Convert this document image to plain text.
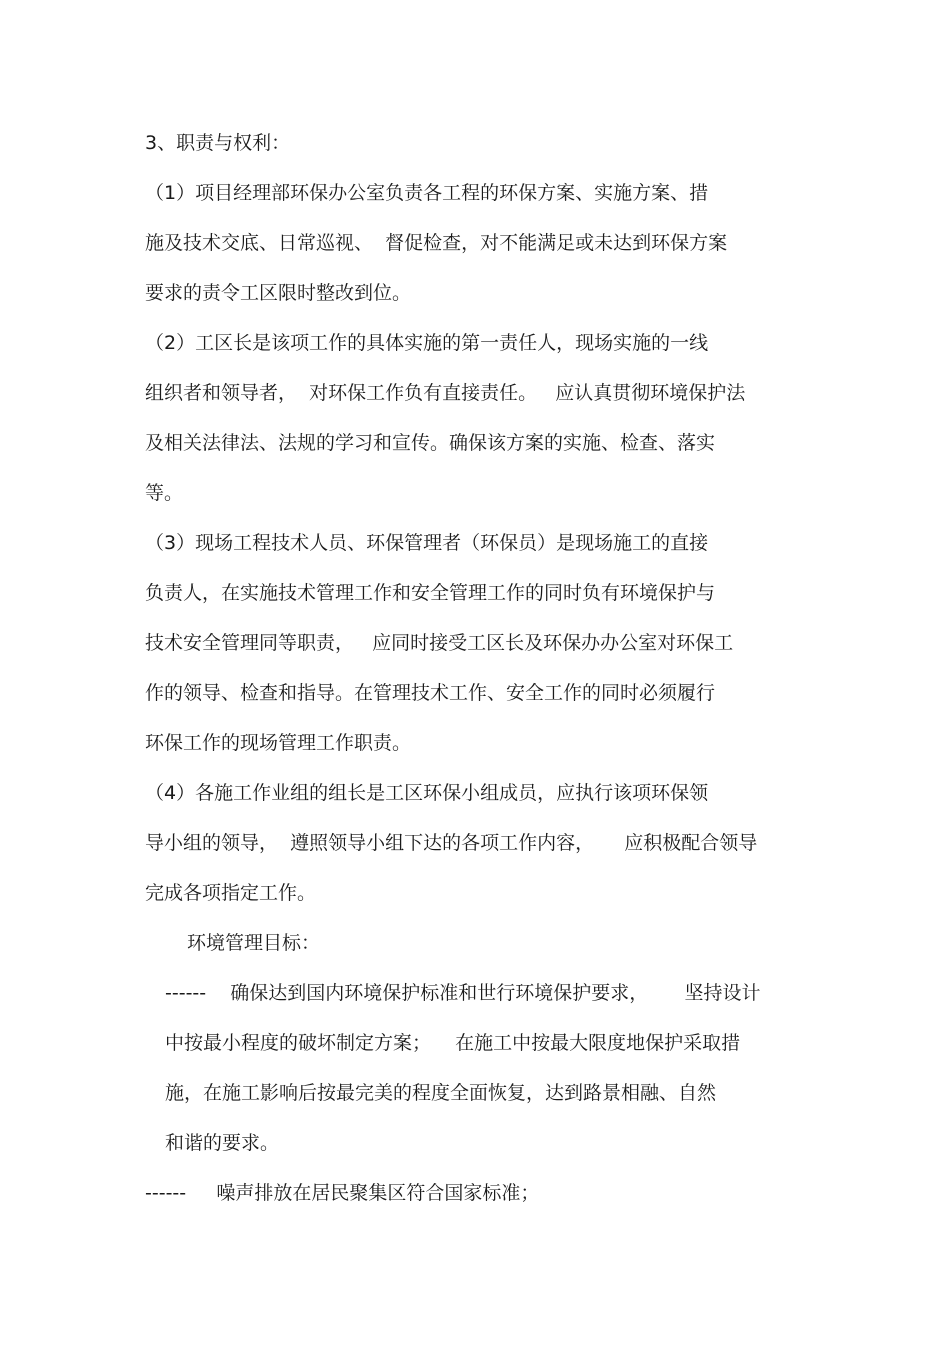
3、职责与权利：

（1）项目经理部环保办公室负责各工程的环保方案、实施方案、措

施及技术交底、日常巡视、  督促检查，对不能满足或未达到环保方案

要求的责令工区限时整改到位。

（2）工区长是该项工作的具体实施的第一责任人，现场实施的一线

组织者和领导者，  对环保工作负有直接责任。   应认真贯彻环境保护法

及相关法律法、法规的学习和宣传。确保该方案的实施、检查、落实

等。

（3）现场工程技术人员、环保管理者（环保员）是现场施工的直接

负责人，在实施技术管理工作和安全管理工作的同时负有环境保护与

技术安全管理同等职责，   应同时接受工区长及环保办办公室对环保工

作的领导、检查和指导。在管理技术工作、安全工作的同时必须履行

环保工作的现场管理工作职责。

（4）各施工作业组的组长是工区环保小组成员，应执行该项环保领

导小组的领导，  遵照领导小组下达的各项工作内容，     应积极配合领导

完成各项指定工作。

环境管理目标：

------    确保达到国内环境保护标准和世行环境保护要求，      坚持设计

中按最小程度的破坏制定方案；    在施工中按最大限度地保护采取措

施，在施工影响后按最完美的程度全面恢复，达到路景相融、自然

和谐的要求。

------     噪声排放在居民聚集区符合国家标准；
